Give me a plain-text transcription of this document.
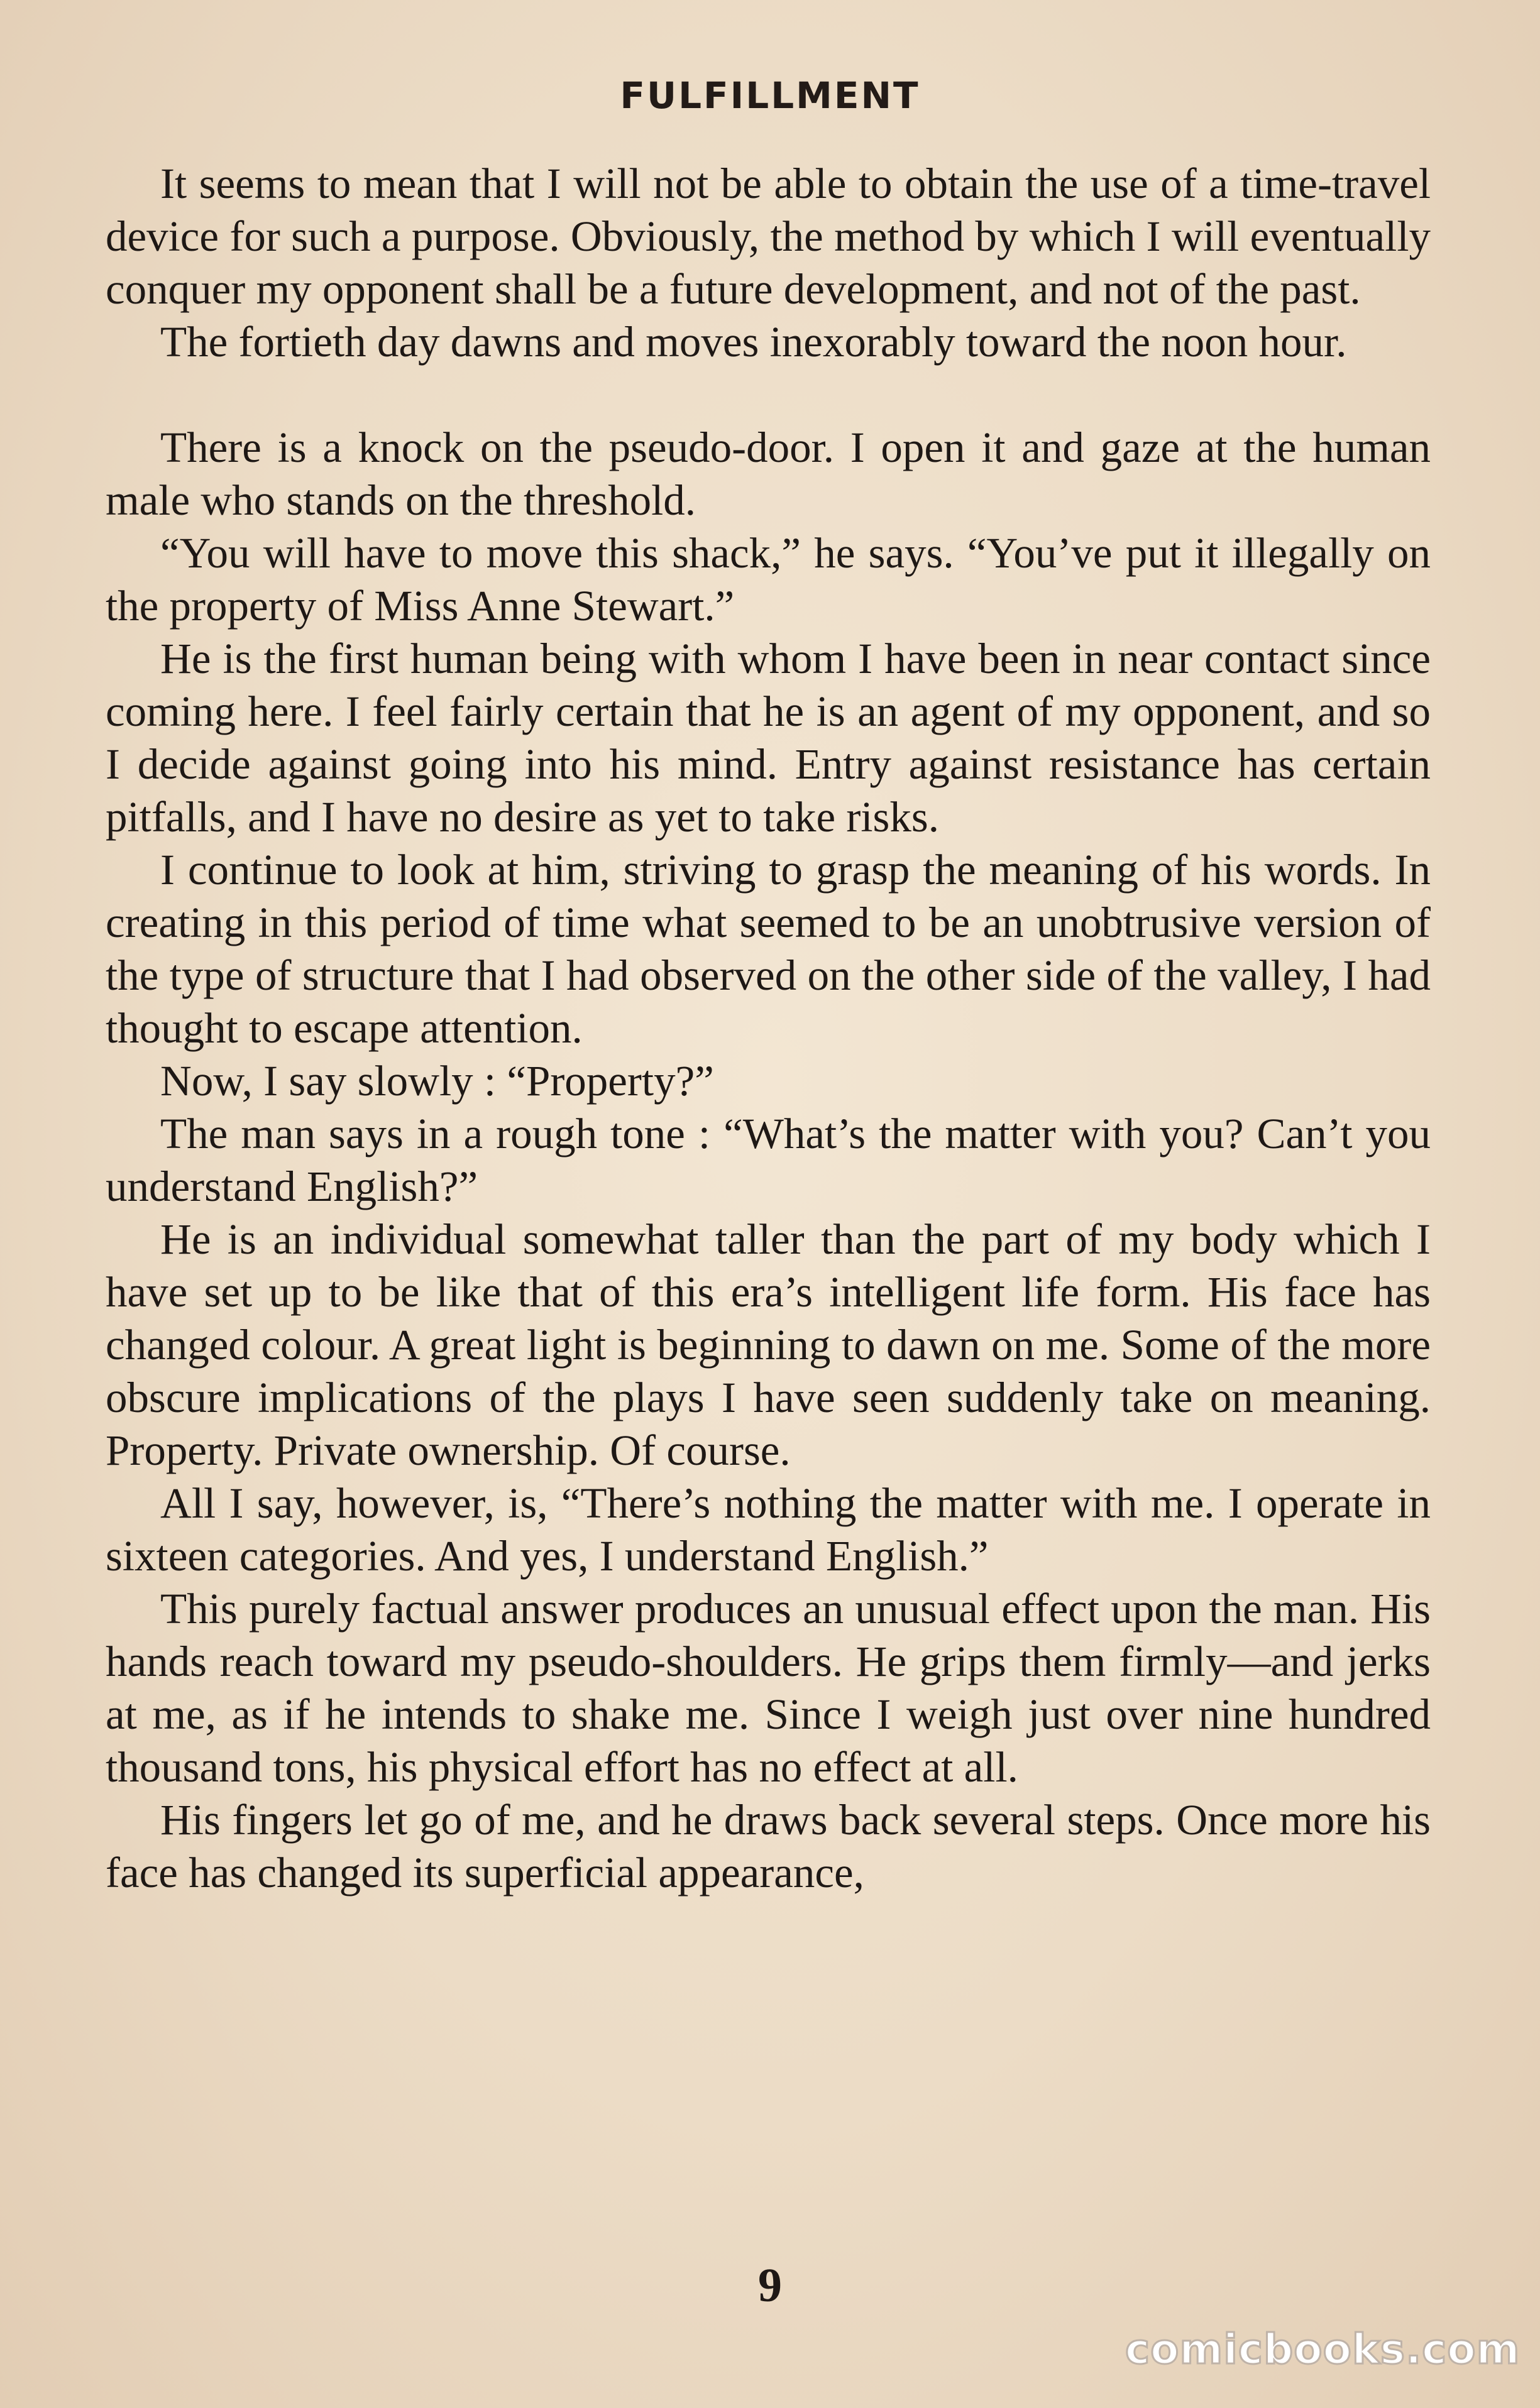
FULFILLMENT

It seems to mean that I will not be able to obtain the use of a time-travel device for such a purpose. Obviously, the method by which I will eventually conquer my opponent shall be a future development, and not of the past.

The fortieth day dawns and moves inexorably toward the noon hour.

There is a knock on the pseudo-door. I open it and gaze at the human male who stands on the threshold.

“You will have to move this shack,” he says. “You’ve put it illegally on the property of Miss Anne Stewart.”

He is the first human being with whom I have been in near contact since coming here. I feel fairly certain that he is an agent of my opponent, and so I decide against going into his mind. Entry against resistance has certain pitfalls, and I have no desire as yet to take risks.

I continue to look at him, striving to grasp the meaning of his words. In creating in this period of time what seemed to be an unobtrusive version of the type of structure that I had observed on the other side of the valley, I had thought to escape attention.

Now, I say slowly : “Property?”

The man says in a rough tone : “What’s the matter with you? Can’t you understand English?”

He is an individual somewhat taller than the part of my body which I have set up to be like that of this era’s intelligent life form. His face has changed colour. A great light is beginning to dawn on me. Some of the more obscure implications of the plays I have seen suddenly take on meaning. Property. Private ownership. Of course.

All I say, however, is, “There’s nothing the matter with me. I operate in sixteen categories. And yes, I understand English.”

This purely factual answer produces an unusual effect upon the man. His hands reach toward my pseudo-shoulders. He grips them firmly—and jerks at me, as if he intends to shake me. Since I weigh just over nine hundred thousand tons, his physical effort has no effect at all.

His fingers let go of me, and he draws back several steps. Once more his face has changed its superficial appearance,

9
comicbooks.com
